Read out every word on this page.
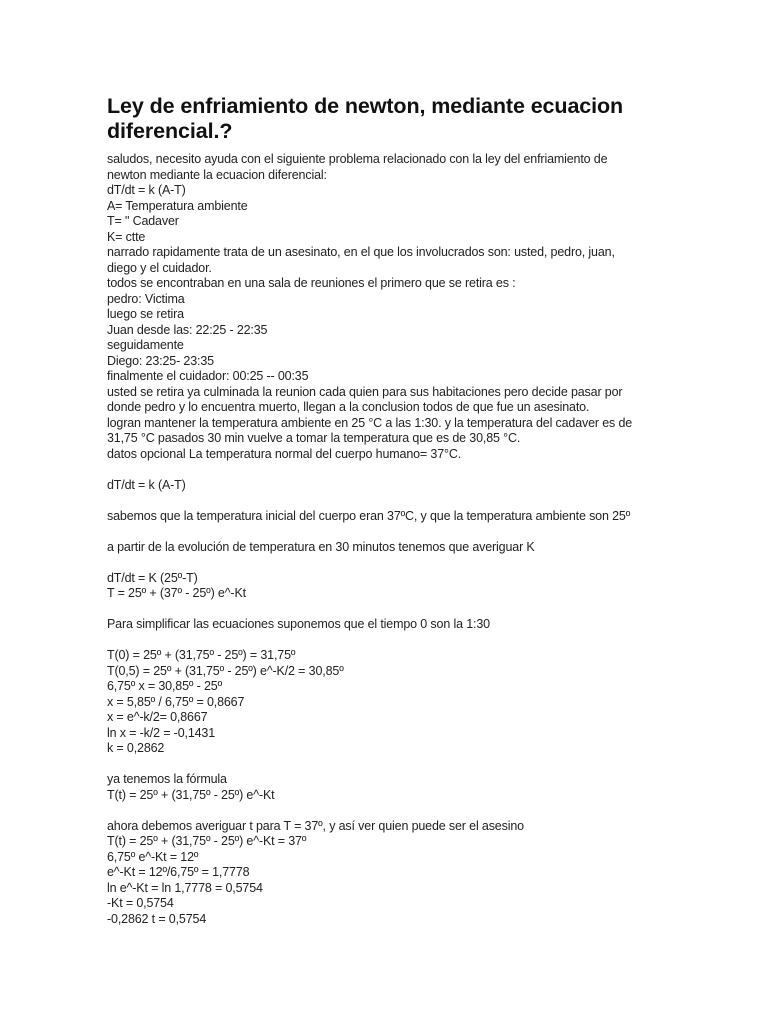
Ley de enfriamiento de newton, mediante ecuacion diferencial.?
saludos, necesito ayuda con el siguiente problema relacionado con la ley del enfriamiento de
newton mediante la ecuacion diferencial:
dT/dt = k (A-T)
A= Temperatura ambiente
T= " Cadaver
K= ctte
narrado rapidamente trata de un asesinato, en el que los involucrados son: usted, pedro, juan,
diego y el cuidador.
todos se encontraban en una sala de reuniones el primero que se retira es :
pedro: Victima
luego se retira
Juan desde las: 22:25 - 22:35
seguidamente
Diego: 23:25- 23:35
finalmente el cuidador: 00:25 -- 00:35
usted se retira ya culminada la reunion cada quien para sus habitaciones pero decide pasar por
donde pedro y lo encuentra muerto, llegan a la conclusion todos de que fue un asesinato.
logran mantener la temperatura ambiente en 25 °C a las 1:30. y la temperatura del cadaver es de
31,75 °C pasados 30 min vuelve a tomar la temperatura que es de 30,85 °C.
datos opcional La temperatura normal del cuerpo humano= 37°C.
dT/dt = k (A-T)
sabemos que la temperatura inicial del cuerpo eran 37ºC, y que la temperatura ambiente son 25º
a partir de la evolución de temperatura en 30 minutos tenemos que averiguar K
dT/dt = K (25º-T)
T = 25º + (37º - 25º) e^-Kt
Para simplificar las ecuaciones suponemos que el tiempo 0 son la 1:30
T(0) = 25º + (31,75º - 25º) = 31,75º
T(0,5) = 25º + (31,75º - 25º) e^-K/2 = 30,85º
6,75º x = 30,85º - 25º
x = 5,85º / 6,75º = 0,8667
x = e^-k/2= 0,8667
ln x = -k/2 = -0,1431
k = 0,2862
ya tenemos la fórmula
T(t) = 25º + (31,75º - 25º) e^-Kt
ahora debemos averiguar t para T = 37º, y así ver quien puede ser el asesino
T(t) = 25º + (31,75º - 25º) e^-Kt = 37º
6,75º e^-Kt = 12º
e^-Kt = 12º/6,75º = 1,7778
ln e^-Kt = ln 1,7778 = 0,5754
-Kt = 0,5754
-0,2862 t = 0,5754
